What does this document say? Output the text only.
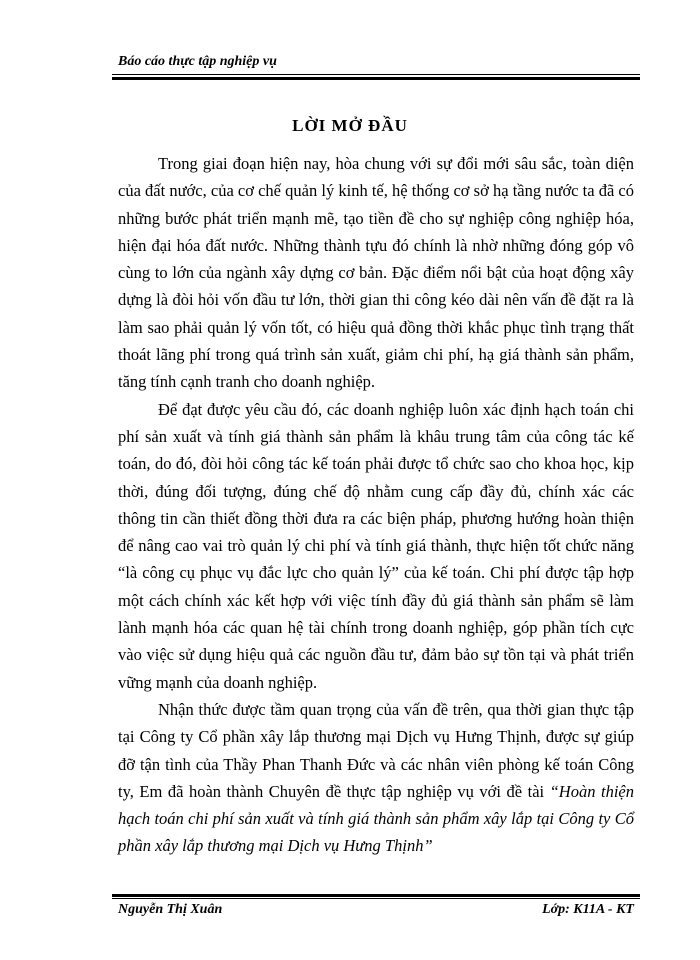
Báo cáo thực tập nghiệp vụ
LỜI MỞ ĐẦU

Trong giai đoạn hiện nay, hòa chung với sự đổi mới sâu sắc, toàn diện của đất nước, của cơ chế quản lý kinh tế, hệ thống cơ sở hạ tầng nước ta đã có những bước phát triển mạnh mẽ, tạo tiền đề cho sự nghiệp công nghiệp hóa, hiện đại hóa đất nước. Những thành tựu đó chính là nhờ những đóng góp vô cùng to lớn của ngành xây dựng cơ bản. Đặc điểm nổi bật của hoạt động xây dựng là đòi hỏi vốn đầu tư lớn, thời gian thi công kéo dài nên vấn đề đặt ra là làm sao phải quản lý vốn tốt, có hiệu quả đồng thời khắc phục tình trạng thất thoát lãng phí trong quá trình sản xuất, giảm chi phí, hạ giá thành sản phẩm, tăng tính cạnh tranh cho doanh nghiệp.

Để đạt được yêu cầu đó, các doanh nghiệp luôn xác định hạch toán chi phí sản xuất và tính giá thành sản phẩm là khâu trung tâm của công tác kế toán, do đó, đòi hỏi công tác kế toán phải được tổ chức sao cho khoa học, kịp thời, đúng đối tượng, đúng chế độ nhằm cung cấp đầy đủ, chính xác các thông tin cần thiết đồng thời đưa ra các biện pháp, phương hướng hoàn thiện để nâng cao vai trò quản lý chi phí và tính giá thành, thực hiện tốt chức năng “là công cụ phục vụ đắc lực cho quản lý” của kế toán. Chi phí được tập hợp một cách chính xác kết hợp với việc tính đầy đủ giá thành sản phẩm sẽ làm lành mạnh hóa các quan hệ tài chính trong doanh nghiệp, góp phần tích cực vào việc sử dụng hiệu quả các nguồn đầu tư, đảm bảo sự tồn tại và phát triển vững mạnh của doanh nghiệp.

Nhận thức được tầm quan trọng của vấn đề trên, qua thời gian thực tập tại Công ty Cổ phần xây lắp thương mại Dịch vụ Hưng Thịnh, được sự giúp đỡ tận tình của Thầy Phan Thanh Đức và các nhân viên phòng kế toán Công ty, Em đã hoàn thành Chuyên đề thực tập nghiệp vụ với đề tài “Hoàn thiện hạch toán chi phí sản xuất và tính giá thành sản phẩm xây lắp tại Công ty Cổ phần xây lắp thương mại Dịch vụ Hưng Thịnh”

Nguyễn Thị Xuân	Lớp: K11A - KT
